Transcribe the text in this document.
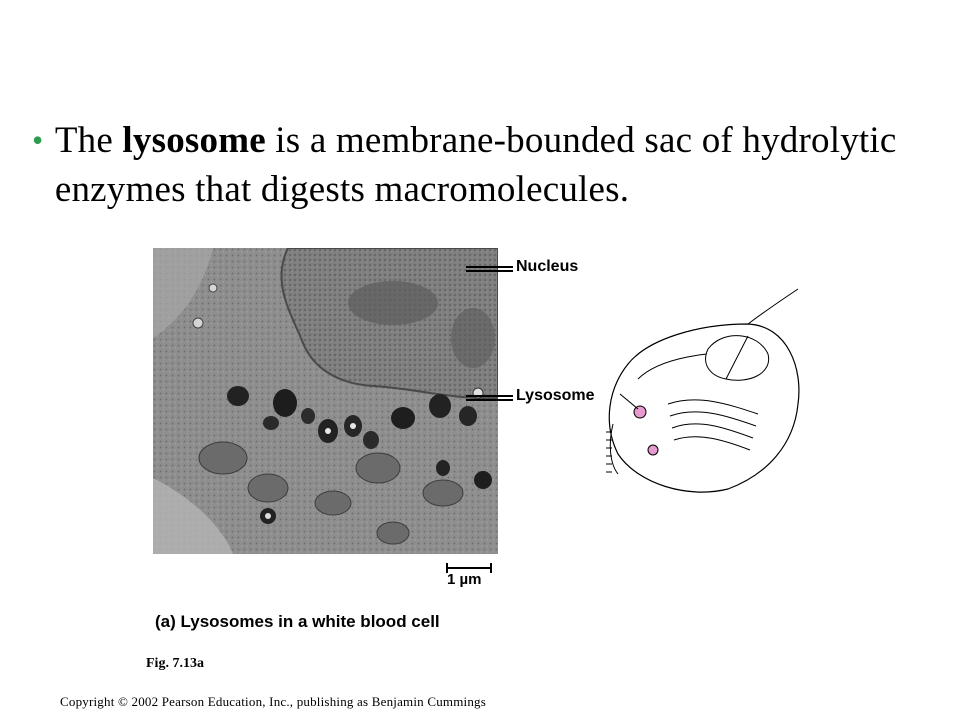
• The lysosome is a membrane-bounded sac of hydrolytic enzymes that digests macromolecules.
Nucleus
Lysosome
1 µm
(a) Lysosomes in a white blood cell
Fig. 7.13a
Copyright © 2002 Pearson Education, Inc., publishing as Benjamin Cummings
